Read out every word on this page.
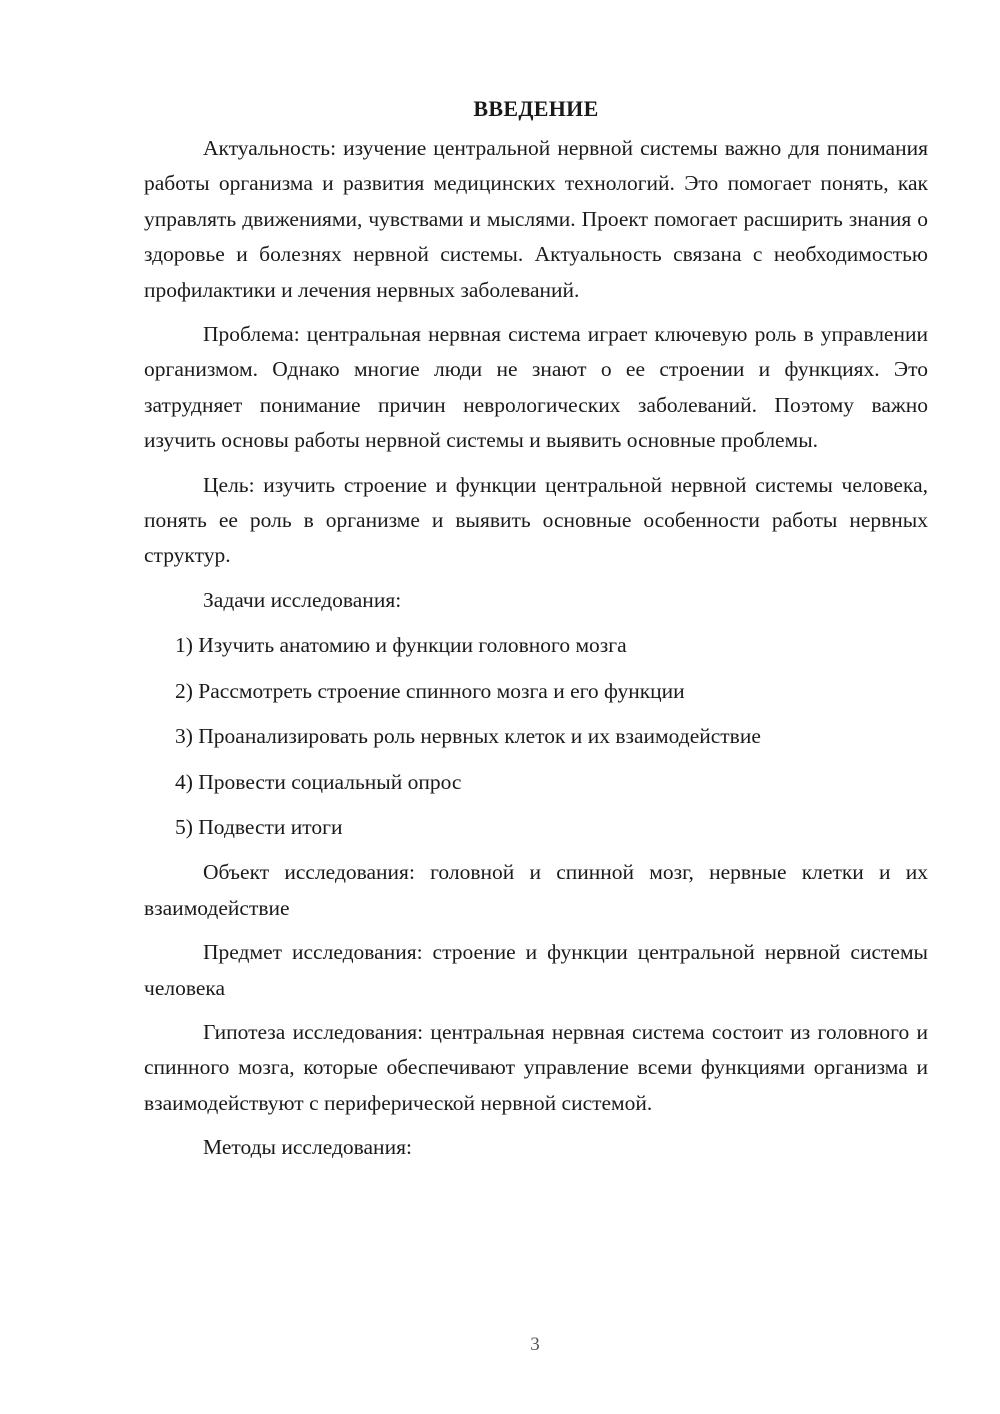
ВВЕДЕНИЕ

Актуальность: изучение центральной нервной системы важно для понимания работы организма и развития медицинских технологий. Это помогает понять, как управлять движениями, чувствами и мыслями. Проект помогает расширить знания о здоровье и болезнях нервной системы. Актуальность связана с необходимостью профилактики и лечения нервных заболеваний.

Проблема: центральная нервная система играет ключевую роль в управлении организмом. Однако многие люди не знают о ее строении и функциях. Это затрудняет понимание причин неврологических заболеваний. Поэтому важно изучить основы работы нервной системы и выявить основные проблемы.

Цель: изучить строение и функции центральной нервной системы человека, понять ее роль в организме и выявить основные особенности работы нервных структур.

Задачи исследования:

1) Изучить анатомию и функции головного мозга
2) Рассмотреть строение спинного мозга и его функции
3) Проанализировать роль нервных клеток и их взаимодействие
4) Провести социальный опрос
5) Подвести итоги

Объект исследования: головной и спинной мозг, нервные клетки и их взаимодействие

Предмет исследования: строение и функции центральной нервной системы человека

Гипотеза исследования: центральная нервная система состоит из головного и спинного мозга, которые обеспечивают управление всеми функциями организма и взаимодействуют с периферической нервной системой.

Методы исследования:

3
